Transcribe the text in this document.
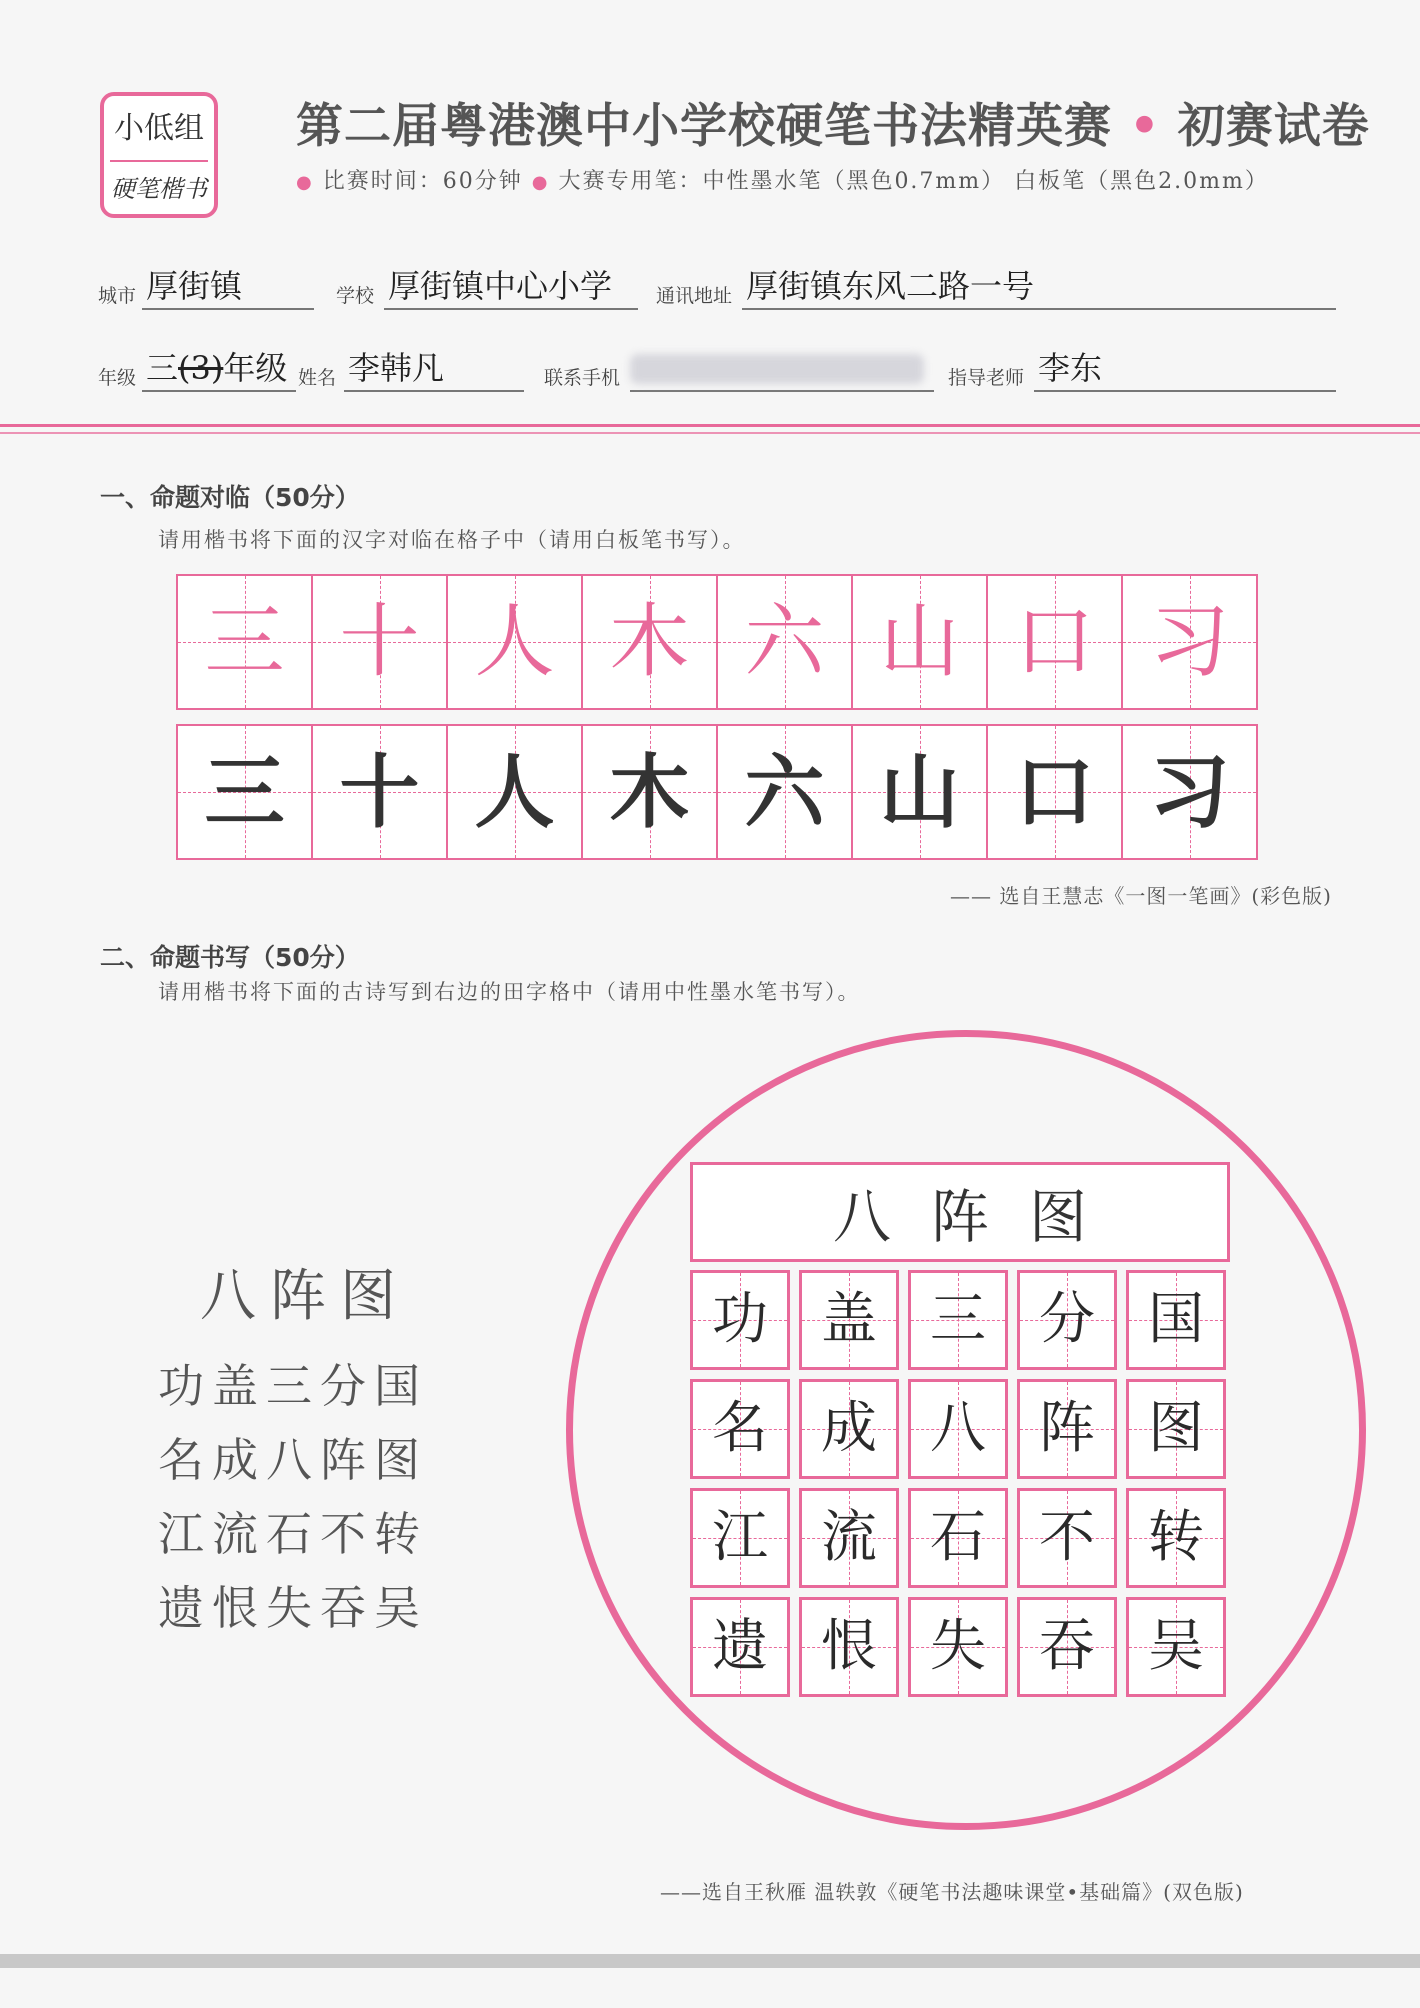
小低组
硬笔楷书
第二届粤港澳中小学校硬笔书法精英赛 • 初赛试卷
● 比赛时间：60分钟 ● 大赛专用笔：中性墨水笔（黑色0.7mm） 白板笔（黑色2.0mm）
城市 厚街镇	学校 厚街镇中心小学	通讯地址 厚街镇东风二路一号
年级 三(3)年级 姓名 李韩凡	联系手机	指导老师 李东
一、命题对临（50分）
请用楷书将下面的汉字对临在格子中（请用白板笔书写）。
三 十 人 木 六 山 口 习
三 十 人 木 六 山 口 习
—— 选自王慧志《一图一笔画》(彩色版)
二、命题书写（50分）
请用楷书将下面的古诗写到右边的田字格中（请用中性墨水笔书写）。
八阵图
功盖三分国
名成八阵图
江流石不转
遗恨失吞吴
八阵图
功 盖 三 分 国
名 成 八 阵 图
江 流 石 不 转
遗 恨 失 吞 吴
——选自王秋雁 温轶敦《硬笔书法趣味课堂•基础篇》(双色版)
